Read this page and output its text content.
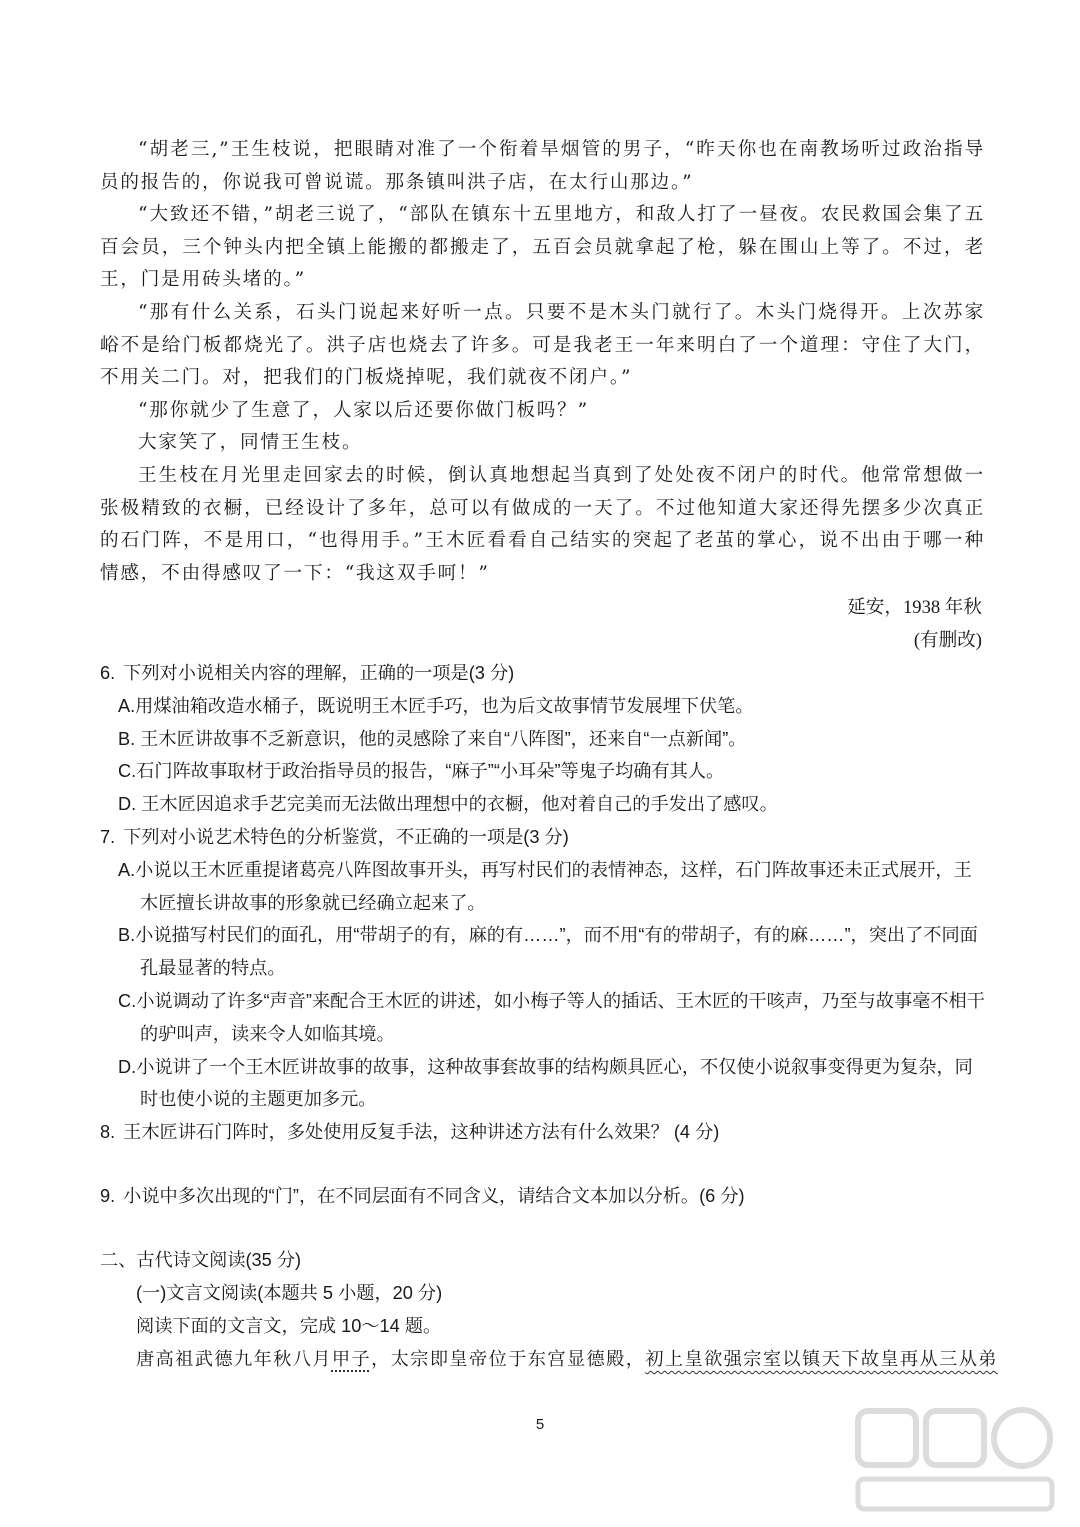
“胡老三,”王生枝说，把眼睛对准了一个衔着旱烟管的男子，“昨天你也在南教场听过政治指导员的报告的，你说我可曾说谎。那条镇叫洪子店，在太行山那边。”

“大致还不错，”胡老三说了，“部队在镇东十五里地方，和敌人打了一昼夜。农民救国会集了五百会员，三个钟头内把全镇上能搬的都搬走了，五百会员就拿起了枪，躲在围山上等了。不过，老王，门是用砖头堵的。”

“那有什么关系，石头门说起来好听一点。只要不是木头门就行了。木头门烧得开。上次苏家峪不是给门板都烧光了。洪子店也烧去了许多。可是我老王一年来明白了一个道理：守住了大门，不用关二门。对，把我们的门板烧掉呢，我们就夜不闭户。”

“那你就少了生意了，人家以后还要你做门板吗？”

大家笑了，同情王生枝。

王生枝在月光里走回家去的时候，倒认真地想起当真到了处处夜不闭户的时代。他常常想做一张极精致的衣橱，已经设计了多年，总可以有做成的一天了。不过他知道大家还得先摆多少次真正的石门阵，不是用口，“也得用手。”王木匠看看自己结实的突起了老茧的掌心，说不出由于哪一种情感，不由得感叹了一下：“我这双手呵！”

延安，1938 年秋
(有删改)

6. 下列对小说相关内容的理解，正确的一项是(3 分)

A.用煤油箱改造水桶子，既说明王木匠手巧，也为后文故事情节发展埋下伏笔。

B. 王木匠讲故事不乏新意识，他的灵感除了来自“八阵图”，还来自“一点新闻”。

C.石门阵故事取材于政治指导员的报告，“麻子”“小耳朵”等鬼子均确有其人。

D. 王木匠因追求手艺完美而无法做出理想中的衣橱，他对着自己的手发出了感叹。

7. 下列对小说艺术特色的分析鉴赏，不正确的一项是(3 分)

A.小说以王木匠重提诸葛亮八阵图故事开头，再写村民们的表情神态，这样，石门阵故事还未正式展开，王木匠擅长讲故事的形象就已经确立起来了。

B.小说描写村民们的面孔，用“带胡子的有，麻的有……”，而不用“有的带胡子，有的麻……”，突出了不同面孔最显著的特点。

C.小说调动了许多“声音”来配合王木匠的讲述，如小梅子等人的插话、王木匠的干咳声，乃至与故事毫不相干的驴叫声，读来令人如临其境。

D.小说讲了一个王木匠讲故事的故事，这种故事套故事的结构颇具匠心，不仅使小说叙事变得更为复杂，同时也使小说的主题更加多元。

8. 王木匠讲石门阵时，多处使用反复手法，这种讲述方法有什么效果？ (4 分)

9. 小说中多次出现的“门”，在不同层面有不同含义，请结合文本加以分析。(6 分)

二、古代诗文阅读(35 分)

(一)文言文阅读(本题共 5 小题，20 分)

阅读下面的文言文，完成 10～14 题。

唐高祖武德九年秋八月甲子，太宗即皇帝位于东宫显德殿，初上皇欲强宗室以镇天下故皇再从三从弟

5
